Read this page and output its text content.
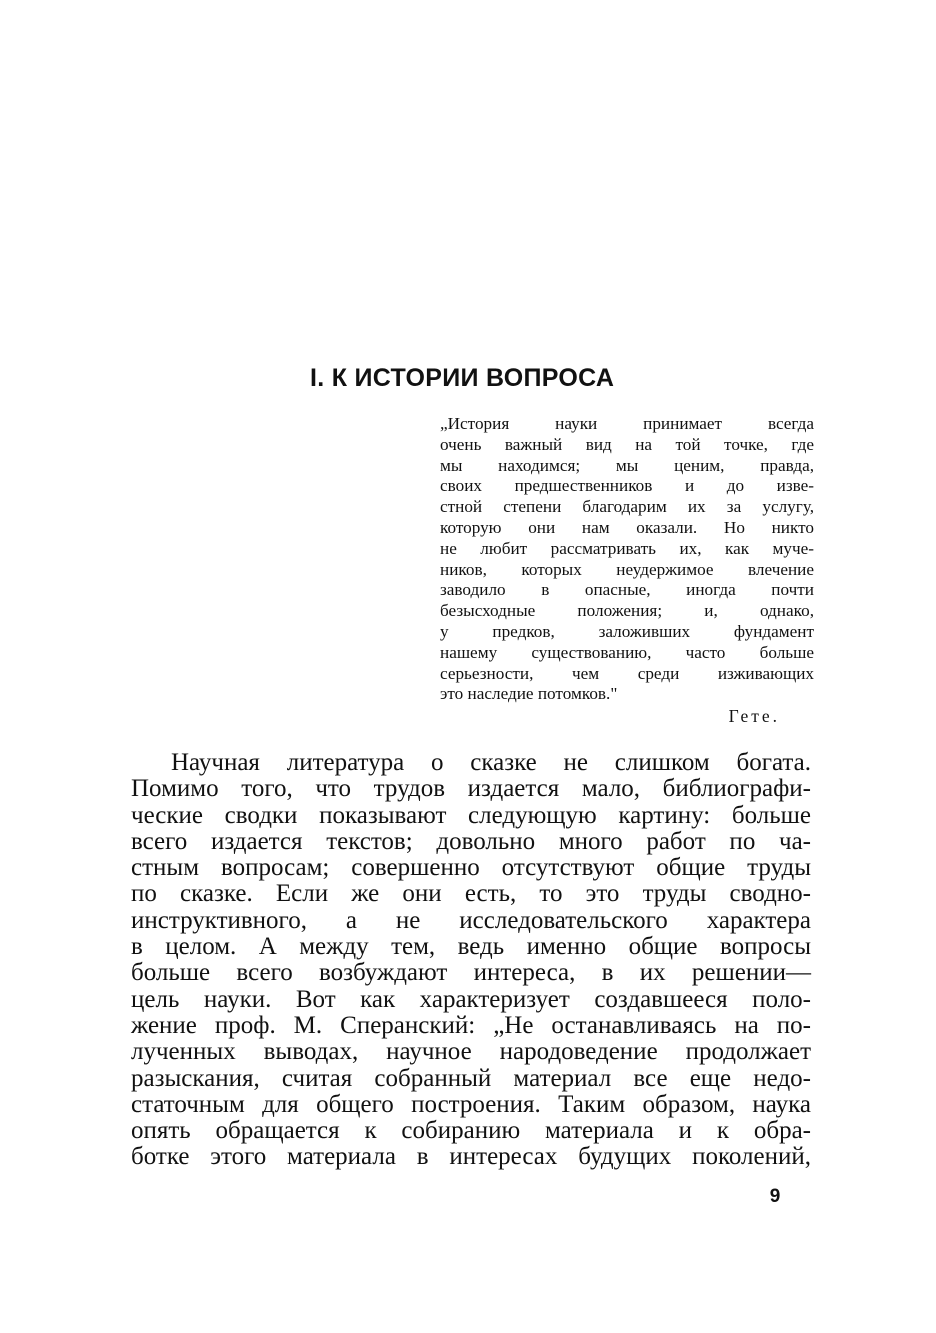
I. К ИСТОРИИ ВОПРОСА
„История науки принимает всегда
очень важный вид на той точке, где
мы находимся; мы ценим, правда,
своих предшественников и до изве-
стной степени благодарим их за услугу,
которую они нам оказали. Но никто
не любит рассматривать их, как муче-
ников, которых неудержимое влечение
заводило в опасные, иногда почти
безысходные положения; и, однако,
у предков, заложивших фундамент
нашему существованию, часто больше
серьезности, чем среди изживающих
это наследие потомков."
Гете.
Научная литература о сказке не слишком богата.
Помимо того, что трудов издается мало, библиографи-
ческие сводки показывают следующую картину: больше
всего издается текстов; довольно много работ по ча-
стным вопросам; совершенно отсутствуют общие труды
по сказке. Если же они есть, то это труды сводно-
инструктивного, а не исследовательского характера
в целом. А между тем, ведь именно общие вопросы
больше всего возбуждают интереса, в их решении—
цель науки. Вот как характеризует создавшееся поло-
жение проф. М. Сперанский: „Не останавливаясь на по-
лученных выводах, научное народоведение продолжает
разыскания, считая собранный материал все еще недо-
статочным для общего построения. Таким образом, наука
опять обращается к собиранию материала и к обра-
ботке этого материала в интересах будущих поколений,
9
